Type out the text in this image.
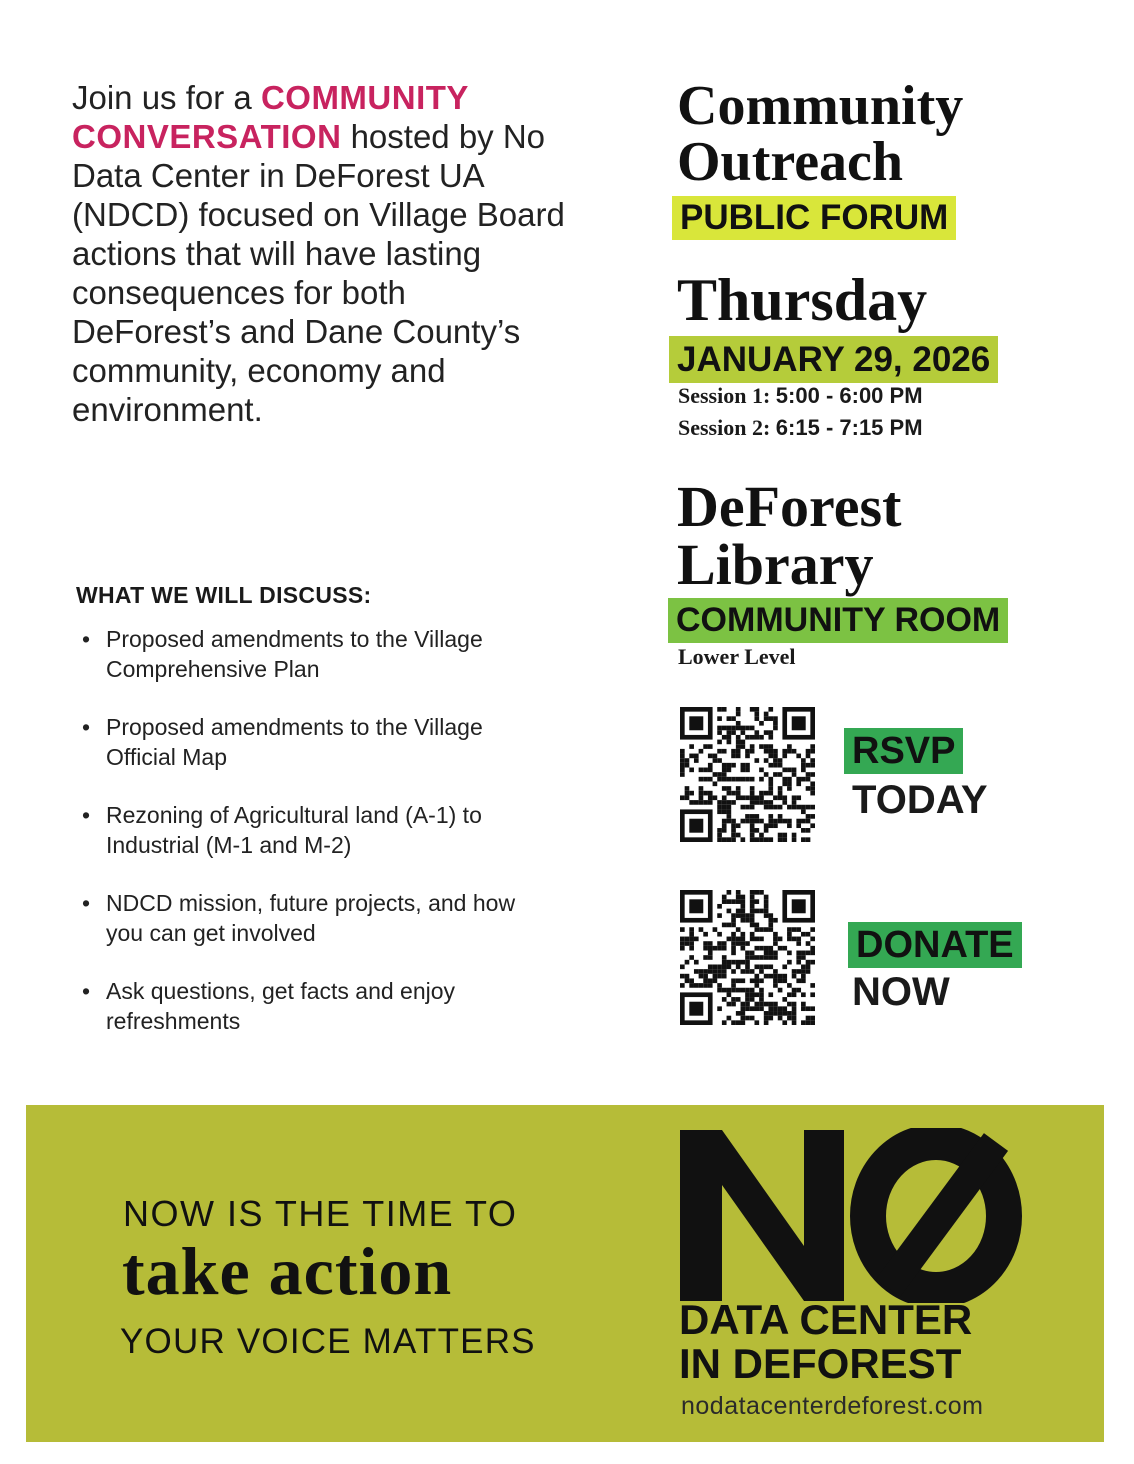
Join us for a COMMUNITY CONVERSATION hosted by No Data Center in DeForest UA (NDCD) focused on Village Board actions that will have lasting consequences for both DeForest’s and Dane County’s community, economy and environment.
WHAT WE WILL DISCUSS:
• Proposed amendments to the Village Comprehensive Plan
• Proposed amendments to the Village Official Map
• Rezoning of Agricultural land (A-1) to Industrial (M-1 and M-2)
• NDCD mission, future projects, and how you can get involved
• Ask questions, get facts and enjoy refreshments
Community
Outreach
PUBLIC FORUM
Thursday
JANUARY 29, 2026
Session 1: 5:00 - 6:00 PM
Session 2: 6:15 - 7:15 PM
DeForest
Library
COMMUNITY ROOM
Lower Level
RSVP
TODAY
DONATE
NOW
NOW IS THE TIME TO
take action
YOUR VOICE MATTERS
NØ
DATA CENTER
IN DEFOREST
nodatacenterdeforest.com
